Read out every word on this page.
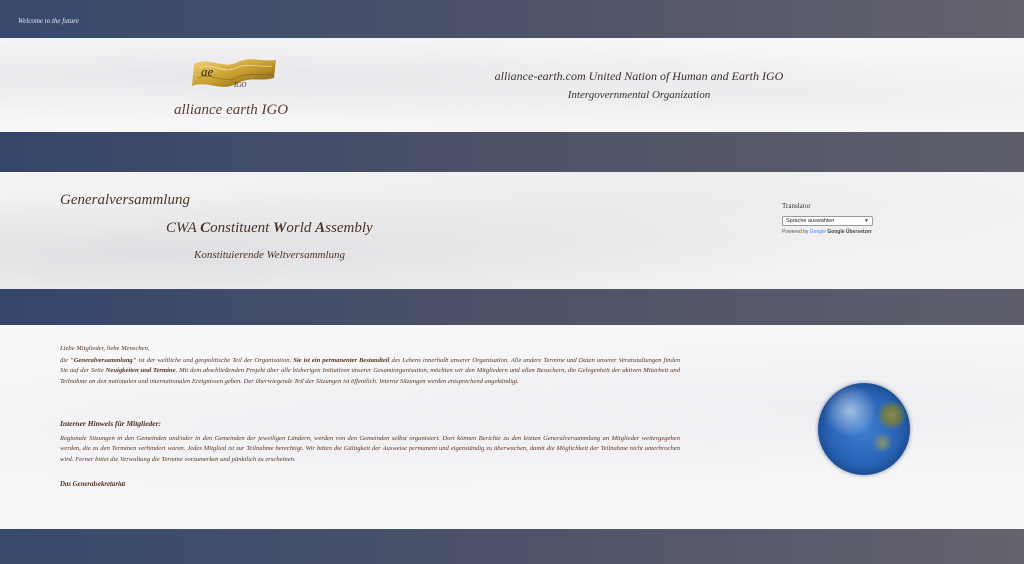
Welcome to the future
ae
IGO
alliance earth IGO
alliance-earth.com United Nation of Human and Earth IGO
Intergovernmental Organization
Generalversammlung
CWA Constituent World Assembly
Konstituierende Weltversammlung
Translator
Sprache auswählen	▼
Powered by Google Google Übersetzer
Liebe Mitglieder, liebe Menschen,
die "Generalversammlung" ist der weltliche und geopolitische Teil der Organisation. Sie ist ein permanenter Bestandteil des Lebens innerhalb unserer Organisation. Alle andere Termine und Daten unserer Veranstaltungen finden Sie auf der Seite Neuigkeiten und Termine. Mit dem abschließenden Projekt über alle bisherigen Initiativen unserer Gesamtorganisation, möchten wir den Mitgliedern und allen Besuchern, die Gelegenheit der aktiven Mitarbeit und Teilnahme an den nationalen und internationalen Ereignissen geben. Der überwiegende Teil der Sitzungen ist öffentlich. Interne Sitzungen werden entsprechend angekündigt.
Interner Hinweis für Mitglieder:
Regionale Sitzungen in den Gemeinden und/oder in den Gemeinden der jeweiligen Ländern, werden von den Gemeinden selbst organisiert. Dort können Berichte zu den letzten Generalversammlung an Mitglieder weitergegeben werden, die zu den Terminen verhindert waren. Jedes Mitglied ist zur Teilnahme berechtigt. Wir bitten die Gültigkeit der Ausweise permanent und eigenständig zu überwachen, damit die Möglichkeit der Teilnahme nicht unterbrochen wird. Ferner bittet die Verwaltung die Termine vorzumerken und pünktlich zu erscheinen.
Das Generalsekretariat
